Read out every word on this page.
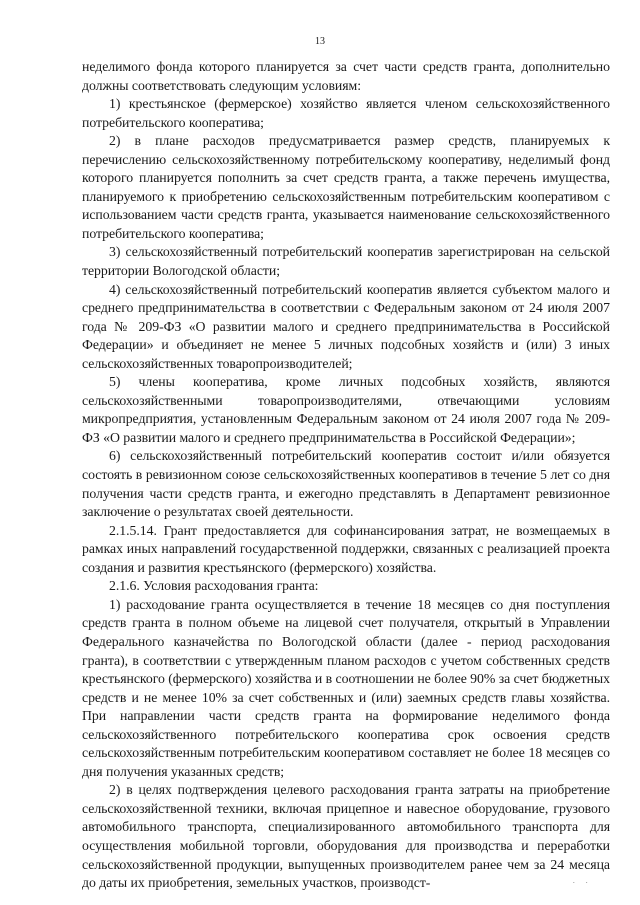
13

неделимого фонда которого планируется за счет части средств гранта, дополнительно должны соответствовать следующим условиям:

1) крестьянское (фермерское) хозяйство является членом сельскохозяйственного потребительского кооператива;

2) в плане расходов предусматривается размер средств, планируемых к перечислению сельскохозяйственному потребительскому кооперативу, неделимый фонд которого планируется пополнить за счет средств гранта, а также перечень имущества, планируемого к приобретению сельскохозяйственным потребительским кооперативом с использованием части средств гранта, указывается наименование сельскохозяйственного потребительского кооператива;

3) сельскохозяйственный потребительский кооператив зарегистрирован на сельской территории Вологодской области;

4) сельскохозяйственный потребительский кооператив является субъектом малого и среднего предпринимательства в соответствии с Федеральным законом от 24 июля 2007 года № 209-ФЗ «О развитии малого и среднего предпринимательства в Российской Федерации» и объединяет не менее 5 личных подсобных хозяйств и (или) 3 иных сельскохозяйственных товаропроизводителей;

5) члены кооператива, кроме личных подсобных хозяйств, являются сельскохозяйственными товаропроизводителями, отвечающими условиям микропредприятия, установленным Федеральным законом от 24 июля 2007 года № 209-ФЗ «О развитии малого и среднего предпринимательства в Российской Федерации»;

6) сельскохозяйственный потребительский кооператив состоит и/или обязуется состоять в ревизионном союзе сельскохозяйственных кооперативов в течение 5 лет со дня получения части средств гранта, и ежегодно представлять в Департамент ревизионное заключение о результатах своей деятельности.

2.1.5.14. Грант предоставляется для софинансирования затрат, не возмещаемых в рамках иных направлений государственной поддержки, связанных с реализацией проекта создания и развития крестьянского (фермерского) хозяйства.

2.1.6. Условия расходования гранта:

1) расходование гранта осуществляется в течение 18 месяцев со дня поступления средств гранта в полном объеме на лицевой счет получателя, открытый в Управлении Федерального казначейства по Вологодской области (далее - период расходования гранта), в соответствии с утвержденным планом расходов с учетом собственных средств крестьянского (фермерского) хозяйства и в соотношении не более 90% за счет бюджетных средств и не менее 10% за счет собственных и (или) заемных средств главы хозяйства. При направлении части средств гранта на формирование неделимого фонда сельскохозяйственного потребительского кооператива срок освоения средств сельскохозяйственным потребительским кооперативом составляет не более 18 месяцев со дня получения указанных средств;

2) в целях подтверждения целевого расходования гранта затраты на приобретение сельскохозяйственной техники, включая прицепное и навесное оборудование, грузового автомобильного транспорта, специализированного автомобильного транспорта для осуществления мобильной торговли, оборудования для производства и переработки сельскохозяйственной продукции, выпущенных производителем ранее чем за 24 месяца до даты их приобретения, земельных участков, производст-	· ·
